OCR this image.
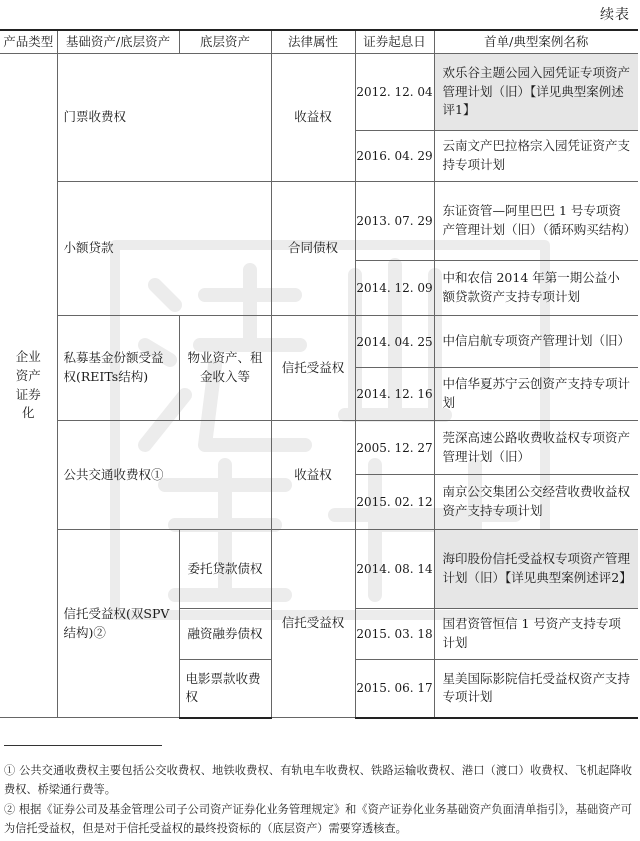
续表
产品类型	基础资产/底层资产	底层资产	法律属性	证券起息日	首单/典型案例名称

企业资产证券化	门票收费权		收益权	2012. 12. 04	欢乐谷主题公园入园凭证专项资产管理计划（旧）【详见典型案例述评1】
				2016. 04. 29	云南文产巴拉格宗入园凭证资产支持专项计划
	小额贷款		合同债权	2013. 07. 29	东证资管—阿里巴巴 1 号专项资产管理计划（旧）（循环购买结构）
				2014. 12. 09	中和农信 2014 年第一期公益小额贷款资产支持专项计划
	私募基金份额受益权(REITs结构)	物业资产、租金收入等	信托受益权	2014. 04. 25	中信启航专项资产管理计划（旧）
				2014. 12. 16	中信华夏苏宁云创资产支持专项计划
	公共交通收费权①		收益权	2005. 12. 27	莞深高速公路收费收益权专项资产管理计划（旧）
				2015. 02. 12	南京公交集团公交经营收费收益权资产支持专项计划
	信托受益权(双SPV结构)②	委托贷款债权	信托受益权	2014. 08. 14	海印股份信托受益权专项资产管理计划（旧）【详见典型案例述评2】
		融资融券债权		2015. 03. 18	国君资管恒信 1 号资产支持专项计划
		电影票款收费权		2015. 06. 17	星美国际影院信托受益权资产支持专项计划
① 公共交通收费权主要包括公交收费权、地铁收费权、有轨电车收费权、铁路运输收费权、港口（渡口）收费权、飞机起降收费权、桥梁通行费等。
② 根据《证券公司及基金管理公司子公司资产证券化业务管理规定》和《资产证券化业务基础资产负面清单指引》，基础资产可为信托受益权，但是对于信托受益权的最终投资标的（底层资产）需要穿透核查。
